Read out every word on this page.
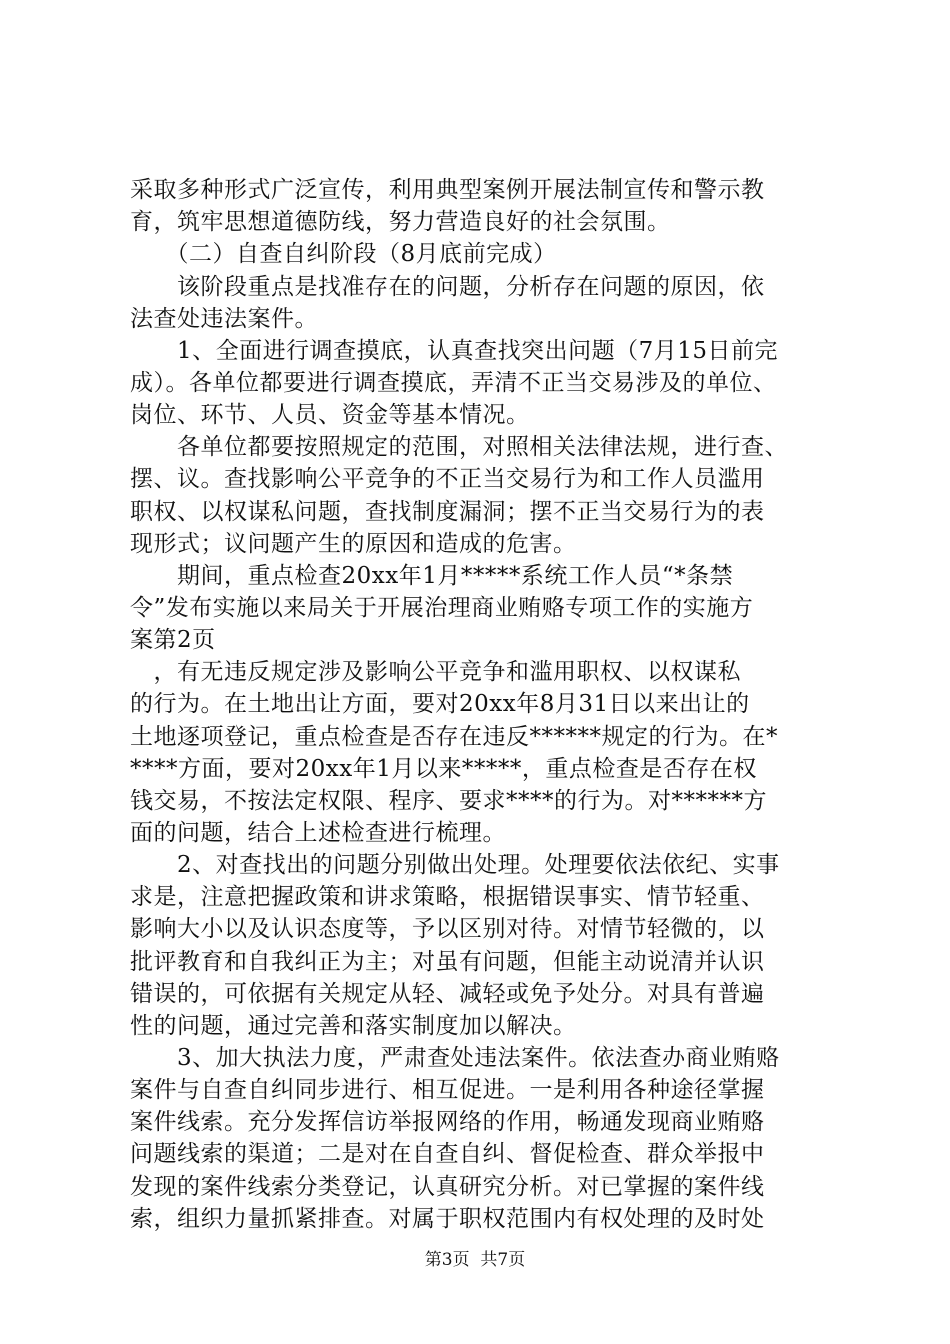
采取多种形式广泛宣传，利用典型案例开展法制宣传和警示教
育，筑牢思想道德防线，努力营造良好的社会氛围。
　　（二）自查自纠阶段（8月底前完成）
　　该阶段重点是找准存在的问题，分析存在问题的原因，依
法查处违法案件。
　　1、全面进行调查摸底，认真查找突出问题（7月15日前完
成）。各单位都要进行调查摸底，弄清不正当交易涉及的单位、
岗位、环节、人员、资金等基本情况。
　　各单位都要按照规定的范围，对照相关法律法规，进行查、
摆、议。查找影响公平竞争的不正当交易行为和工作人员滥用
职权、以权谋私问题，查找制度漏洞；摆不正当交易行为的表
现形式；议问题产生的原因和造成的危害。
　　期间，重点检查20xx年1月*****系统工作人员“*条禁
令”发布实施以来局关于开展治理商业贿赂专项工作的实施方
案第2页
　，有无违反规定涉及影响公平竞争和滥用职权、以权谋私
的行为。在土地出让方面，要对20xx年8月31日以来出让的
土地逐项登记，重点检查是否存在违反******规定的行为。在*
****方面，要对20xx年1月以来*****，重点检查是否存在权
钱交易，不按法定权限、程序、要求****的行为。对******方
面的问题，结合上述检查进行梳理。
　　2、对查找出的问题分别做出处理。处理要依法依纪、实事
求是，注意把握政策和讲求策略，根据错误事实、情节轻重、
影响大小以及认识态度等，予以区别对待。对情节轻微的，以
批评教育和自我纠正为主；对虽有问题，但能主动说清并认识
错误的，可依据有关规定从轻、减轻或免予处分。对具有普遍
性的问题，通过完善和落实制度加以解决。
　　3、加大执法力度，严肃查处违法案件。依法查办商业贿赂
案件与自查自纠同步进行、相互促进。一是利用各种途径掌握
案件线索。充分发挥信访举报网络的作用，畅通发现商业贿赂
问题线索的渠道；二是对在自查自纠、督促检查、群众举报中
发现的案件线索分类登记，认真研究分析。对已掌握的案件线
索，组织力量抓紧排查。对属于职权范围内有权处理的及时处
第3页  共7页
